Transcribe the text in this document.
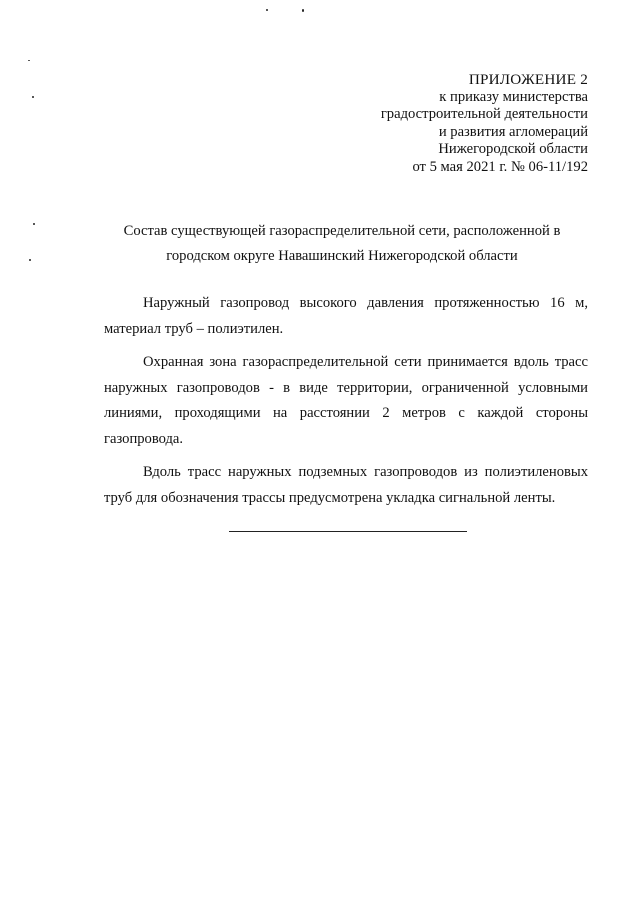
ПРИЛОЖЕНИЕ 2
к приказу министерства
градостроительной деятельности
и развития агломераций
Нижегородской области
от 5 мая 2021 г. № 06-11/192
Состав существующей газораспределительной сети, расположенной в
городском округе Навашинский Нижегородской области

Наружный газопровод высокого давления протяженностью 16 м, материал труб – полиэтилен.

Охранная зона газораспределительной сети принимается вдоль трасс наружных газопроводов - в виде территории, ограниченной условными линиями, проходящими на расстоянии 2 метров с каждой стороны газопровода.

Вдоль трасс наружных подземных газопроводов из полиэтиленовых труб для обозначения трассы предусмотрена укладка сигнальной ленты.
